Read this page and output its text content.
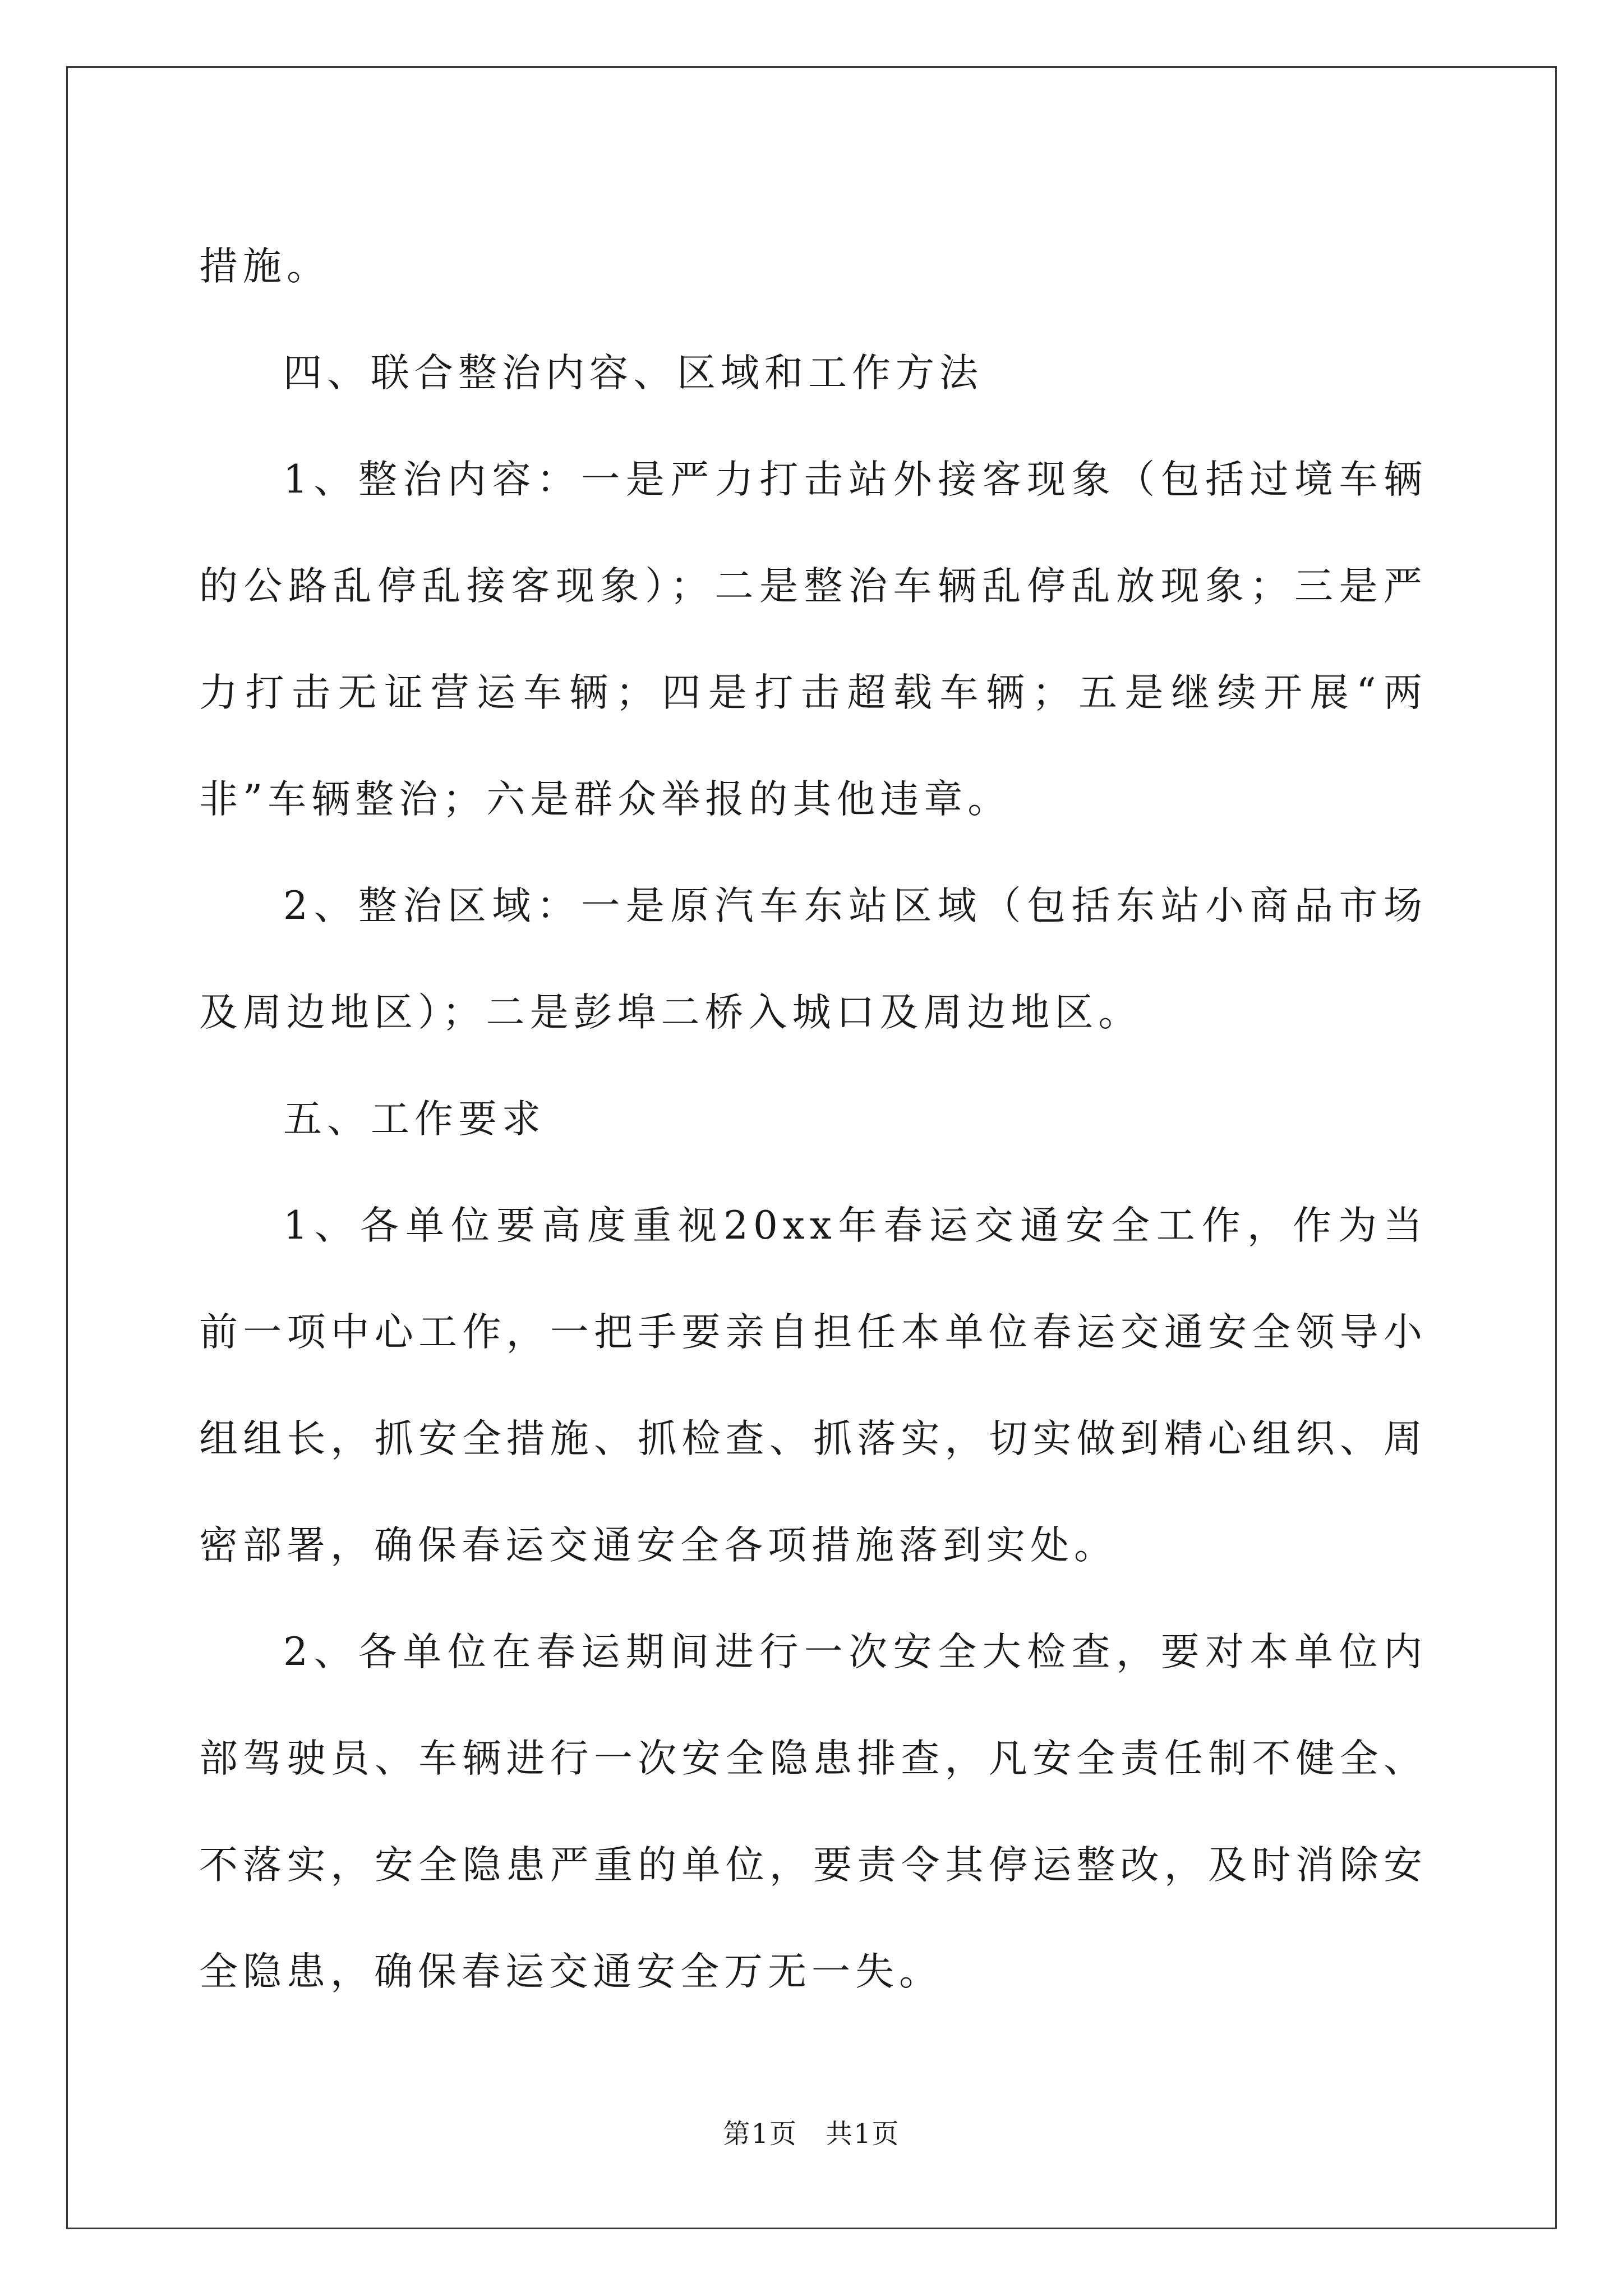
措施。

四、联合整治内容、区域和工作方法

1、整治内容：一是严力打击站外接客现象（包括过境车辆的公路乱停乱接客现象）；二是整治车辆乱停乱放现象；三是严力打击无证营运车辆；四是打击超载车辆；五是继续开展“两非”车辆整治；六是群众举报的其他违章。

2、整治区域：一是原汽车东站区域（包括东站小商品市场及周边地区）；二是彭埠二桥入城口及周边地区。

五、工作要求

1、各单位要高度重视20xx年春运交通安全工作，作为当前一项中心工作，一把手要亲自担任本单位春运交通安全领导小组组长，抓安全措施、抓检查、抓落实，切实做到精心组织、周密部署，确保春运交通安全各项措施落到实处。

2、各单位在春运期间进行一次安全大检查，要对本单位内部驾驶员、车辆进行一次安全隐患排查，凡安全责任制不健全、不落实，安全隐患严重的单位，要责令其停运整改，及时消除安全隐患，确保春运交通安全万无一失。

第1页　共1页
